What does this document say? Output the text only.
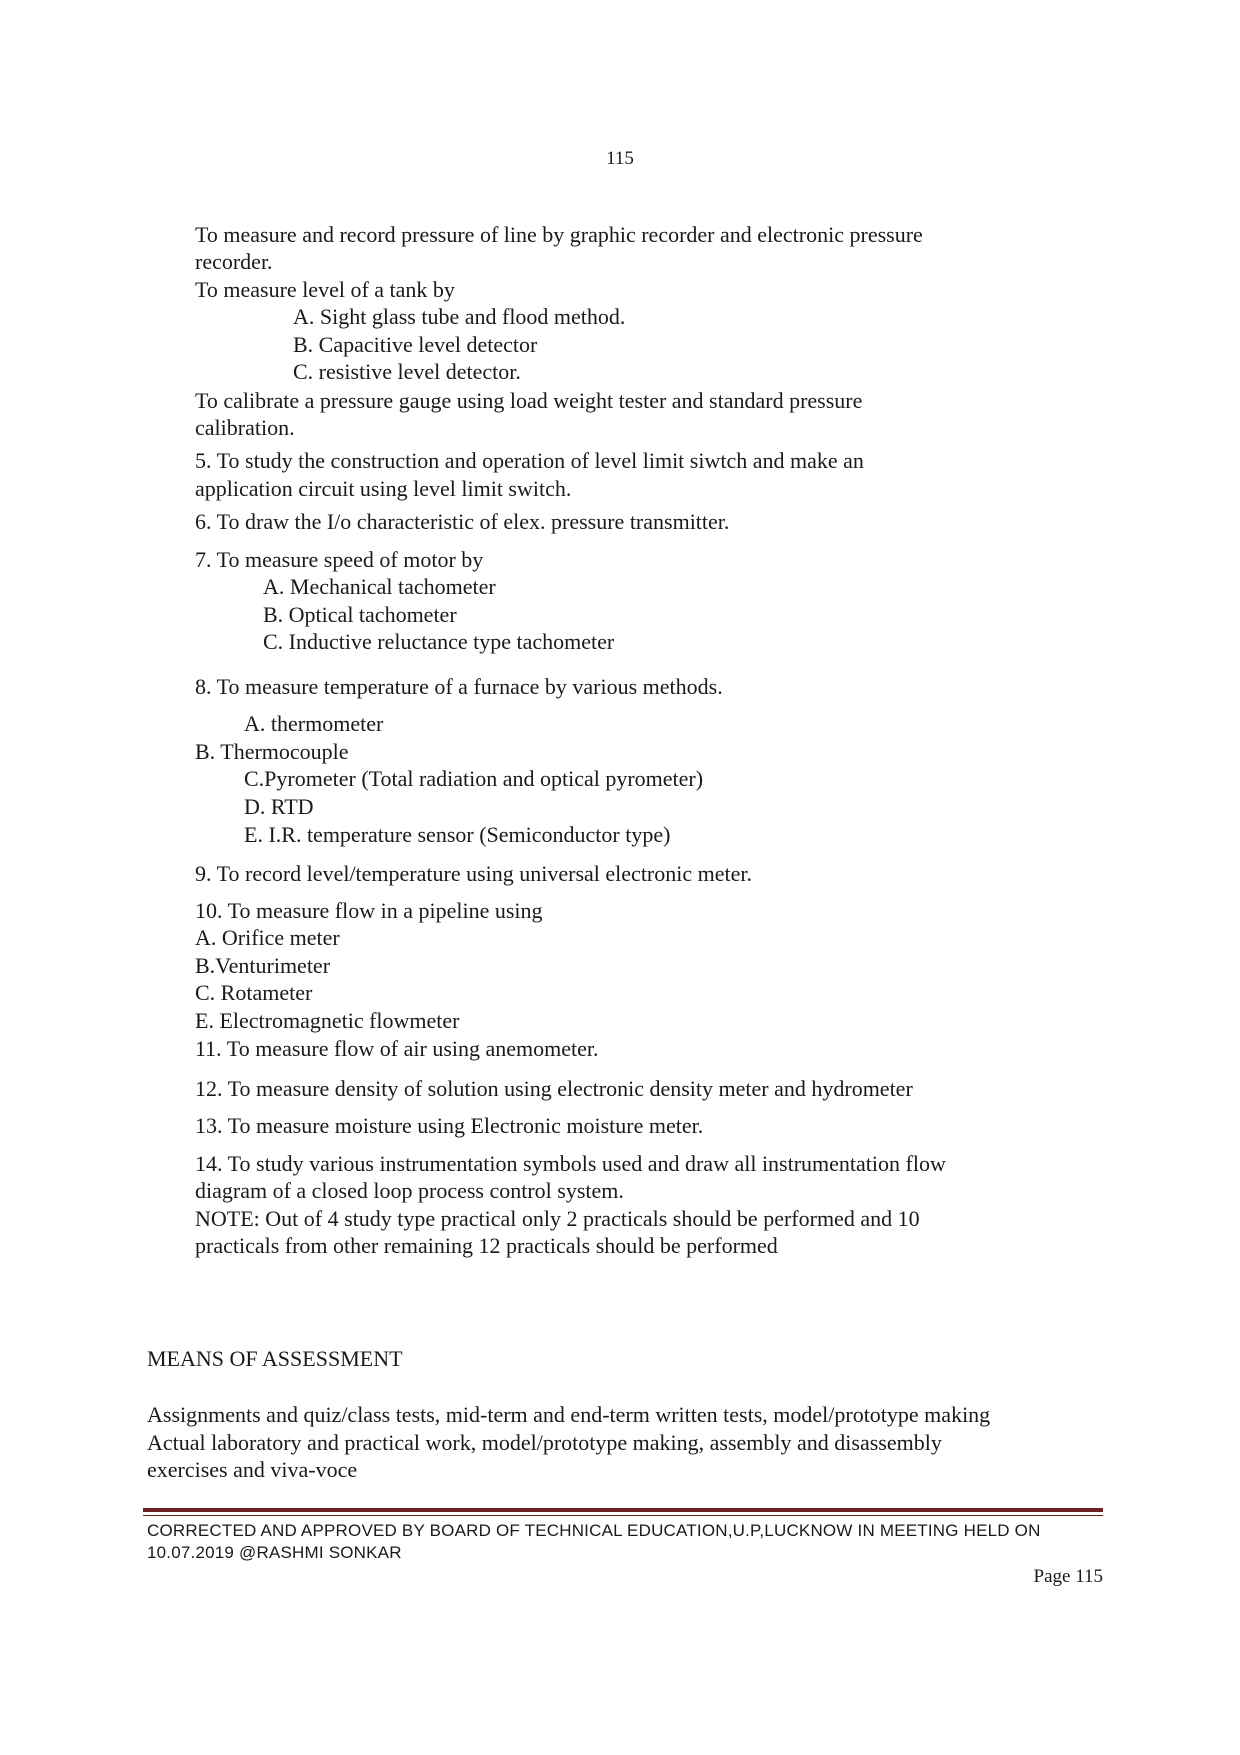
115
To measure and record pressure of line by graphic recorder and electronic pressure
recorder.
To measure level of a tank by
A. Sight glass tube and flood method.
B. Capacitive level detector
C. resistive level detector.
To calibrate a pressure gauge using load weight tester and standard pressure
calibration.
5. To study the construction and operation of level limit siwtch and make an
application circuit using level limit switch.
6. To draw the I/o characteristic of elex. pressure transmitter.
7. To measure speed of motor by
A. Mechanical tachometer
B. Optical tachometer
C. Inductive reluctance type tachometer
8. To measure temperature of a furnace by various methods.
A. thermometer
B. Thermocouple
C.Pyrometer (Total radiation and optical pyrometer)
D. RTD
E. I.R. temperature sensor (Semiconductor type)
9. To record level/temperature using universal electronic meter.
10. To measure flow in a pipeline using
A. Orifice meter
B.Venturimeter
C. Rotameter
E. Electromagnetic flowmeter
11. To measure flow of air using anemometer.
12. To measure density of solution using electronic density meter and hydrometer
13. To measure moisture using Electronic moisture meter.
14. To study various instrumentation symbols used and draw all instrumentation flow
diagram of a closed loop process control system.
NOTE: Out of 4 study type practical only 2 practicals should be performed and 10
practicals from other remaining 12 practicals should be performed
MEANS OF ASSESSMENT
Assignments and quiz/class tests, mid-term and end-term written tests, model/prototype making
Actual laboratory and practical work, model/prototype making, assembly and disassembly
exercises and viva-voce
CORRECTED AND APPROVED BY BOARD OF TECHNICAL EDUCATION,U.P,LUCKNOW IN MEETING HELD ON
10.07.2019 @RASHMI SONKAR
Page 115
